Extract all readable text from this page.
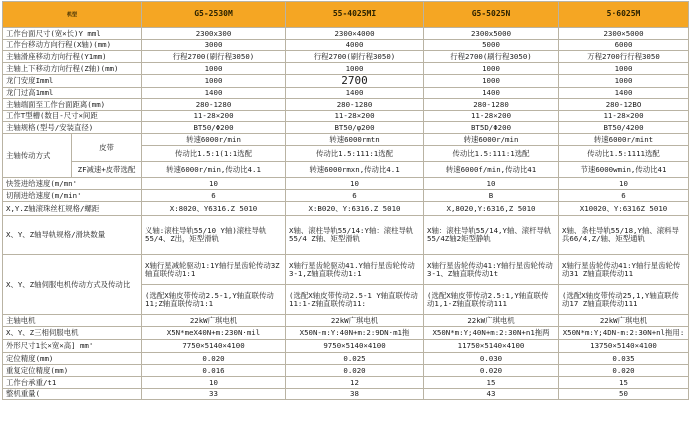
机型		G5-2530M	55-4025MI	G5-5025N	5·6025M
工作台面尺寸(宽×长)Y mml		2300x300	2300×4000	2300x5000	2300×5000
工作台移动方向行程(X轴)(mm)		3000	4000	5000	6000
主轴滑座移动方向行程(Y1mm)		行程2700(刷行程3050)	行程2700(刷行程3050)	行程2700(刷行程3050)	万程2700行行程3050
主轴上下移动方向行程(Z轴)(mm)		1000	1000	1000	1000
龙门安度Imml		1000	2700	1000	1000
龙门过高1mml		1400	1400	1400	1400
主轴端面至工作台面距离(mm)		280-1280	280-1280	280-1280	280-12BO
工作T型槽(数目-尺寸×间距		11-28×200	11-28×200	11-28×200	11-28×200
主轴规格(型号/安装直径)		BT50/Φ200	BT50/φ200	BT5D/Φ200	BT50/4200
主轴传动方式	皮带	转速6000r/min	转速6000rmtn	转速6000r/min	转速6000r/mint
		传动比1.5:1(1:1选配	传动比1.5:111:1选配	传动比1.5:111:1选配	传动比1.5:1111选配
	ZF减速+皮带选配	转速6000r/min,传动比4.1	转速6000rmxn,传动比4.1	转速6000f/min,传动比41	节速6000wmin,传动比41
快签进给速度(m/mn'		10	10	10	10
切削进给速度(m/min'		6	6	B	6
X,Y.Z轴滚珠丝杠规格/螺距		X:8020、Y6316.Z 5010	X:B020、Y:6316.Z 5010	X,8020,Y:6316,Z 5010	X10020、Y:6316Z 5010
X、Y、Z轴导轨规格/滑块数量		义轴:滚柱导轨55/10 Y轴)滚柱导轨55/4、Z出，矩型滑轨	X轴、滚柱导轨55/14:Y轴：滚柱导轨55/4 Z轴、矩型滑轨	X轴：滚柱导轨55/14,Y轴、滚杆导轨55/4Z轴2矩型静轨	X轴、条柱导轨55/18,Y轴、滚料导兵66/4,Z/轴、矩型通轨
X、Y、Z轴伺服电机传动方式及传动比		X轴行星减轮驱动1:1Y轴行星齿轮传动3Z轴直联传动1:1	X轴行星齿轮驱动41.Y轴行星齿轮传动3-1,Z轴直联传动1:1	X轴行星齿轮传动41:Y轴行星齿轮传动3-1、Z轴直联传动1t	X轴行星齿轮传动41:Y轴行星齿轮传动31 Z轴直联传动11
		(选配X轴皮带传动2.5-1,Y轴直联传动11;Z轴直联传动1:1	(选配X轴皮带传动2.5-1 Y轴直联传动11:1-Z轴直联传动11:	(选配X轴皮带传动2.5:1,Y轴直联传动1,1-Z轴直联传动111	(选配X轴皮带传动25,1,Y轴直联传动17 Z轴直联传动111
主轴电机		22kW广琪电机	22kW广琪电机	22kW广琪电机	22kW广琪电机
X、Y、Z三相伺服电机		X5N*meX40N+m:230N·mil	X50N-m:Y:40N+m:2:9DN·m1拖	X50N*m:Y;40N+m:2:30N+n1拖两	X50N*m:Y;4DN-m:2:30N+nl拖用:
外形尺寸1长×宽×高] mm'		7750×5140×4100	9750×5140×4100	11750×5140×4100	13750×5140×4100
定位精度(mm)		0.020	0.025	0.030	0.035
重复定位精度(mm)		0.016	0.020	0.020	0.020
工作台承重/t1		10	12	15	15
整机重量(		33	38	43	50
